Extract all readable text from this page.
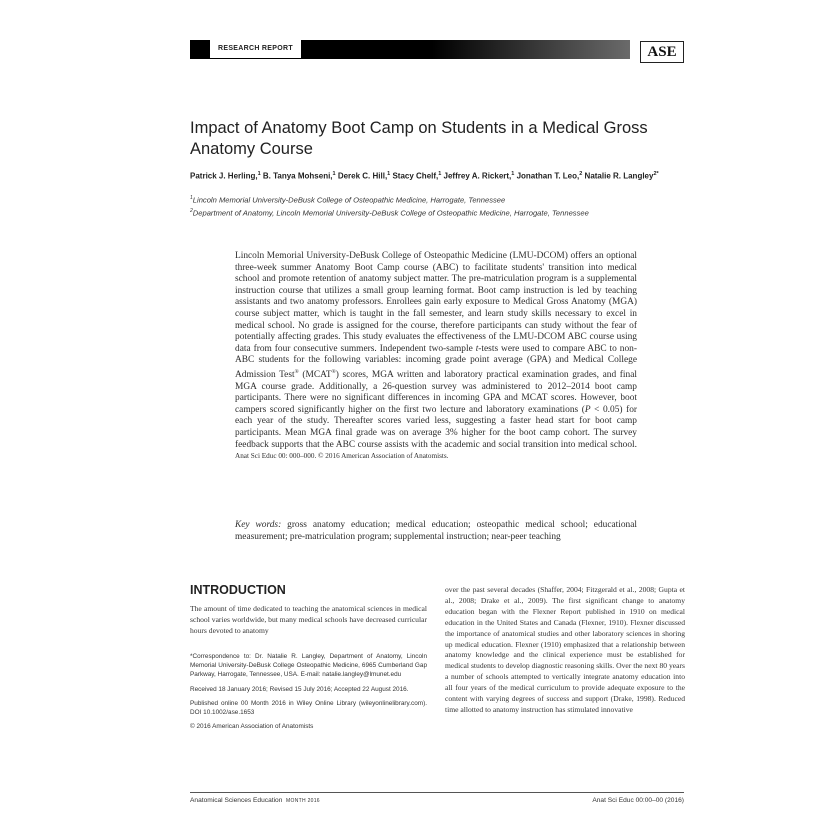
RESEARCH REPORT	ASE
Impact of Anatomy Boot Camp on Students in a Medical Gross Anatomy Course
Patrick J. Herling,$^1$ B. Tanya Mohseni,$^1$ Derek C. Hill,$^1$ Stacy Chelf,$^1$ Jeffrey A. Rickert,$^1$ Jonathan T. Leo,$^2$ Natalie R. Langley$^{2*}$
$^1$Lincoln Memorial University-DeBusk College of Osteopathic Medicine, Harrogate, Tennessee
$^2$Department of Anatomy, Lincoln Memorial University-DeBusk College of Osteopathic Medicine, Harrogate, Tennessee
Lincoln Memorial University-DeBusk College of Osteopathic Medicine (LMU-DCOM) offers an optional three-week summer Anatomy Boot Camp course (ABC) to facilitate students' transition into medical school and promote retention of anatomy subject matter. The pre-matriculation program is a supplemental instruction course that utilizes a small group learning format. Boot camp instruction is led by teaching assistants and two anatomy professors. Enrollees gain early exposure to Medical Gross Anatomy (MGA) course subject matter, which is taught in the fall semester, and learn study skills necessary to excel in medical school. No grade is assigned for the course, therefore participants can study without the fear of potentially affecting grades. This study evaluates the effectiveness of the LMU-DCOM ABC course using data from four consecutive summers. Independent two-sample t-tests were used to compare ABC to non-ABC students for the following variables: incoming grade point average (GPA) and Medical College Admission Test® (MCAT®) scores, MGA written and laboratory practical examination grades, and final MGA course grade. Additionally, a 26-question survey was administered to 2012–2014 boot camp participants. There were no significant differences in incoming GPA and MCAT scores. However, boot campers scored significantly higher on the first two lecture and laboratory examinations (P < 0.05) for each year of the study. Thereafter scores varied less, suggesting a faster head start for boot camp participants. Mean MGA final grade was on average 3% higher for the boot camp cohort. The survey feedback supports that the ABC course assists with the academic and social transition into medical school. Anat Sci Educ 00: 000–000. © 2016 American Association of Anatomists.
Key words: gross anatomy education; medical education; osteopathic medical school; educational measurement; pre-matriculation program; supplemental instruction; near-peer teaching
INTRODUCTION
The amount of time dedicated to teaching the anatomical sciences in medical school varies worldwide, but many medical schools have decreased curricular hours devoted to anatomy

*Correspondence to: Dr. Natalie R. Langley, Department of Anatomy, Lincoln Memorial University-DeBusk College Osteopathic Medicine, 6965 Cumberland Gap Parkway, Harrogate, Tennessee, USA. E-mail: natalie.langley@lmunet.edu

Received 18 January 2016; Revised 15 July 2016; Accepted 22 August 2016.

Published online 00 Month 2016 in Wiley Online Library (wileyonlinelibrary.com). DOI 10.1002/ase.1653

© 2016 American Association of Anatomists

over the past several decades (Shaffer, 2004; Fitzgerald et al., 2008; Gupta et al., 2008; Drake et al., 2009). The first significant change to anatomy education began with the Flexner Report published in 1910 on medical education in the United States and Canada (Flexner, 1910). Flexner discussed the importance of anatomical studies and other laboratory sciences in shoring up medical education. Flexner (1910) emphasized that a relationship between anatomy knowledge and the clinical experience must be established for medical students to develop diagnostic reasoning skills. Over the next 80 years a number of schools attempted to vertically integrate anatomy education into all four years of the medical curriculum to provide adequate exposure to the content with varying degrees of success and support (Drake, 1998). Reduced time allotted to anatomy instruction has stimulated innovative
Anatomical Sciences Education MONTH 2016	Anat Sci Educ 00:00–00 (2016)
